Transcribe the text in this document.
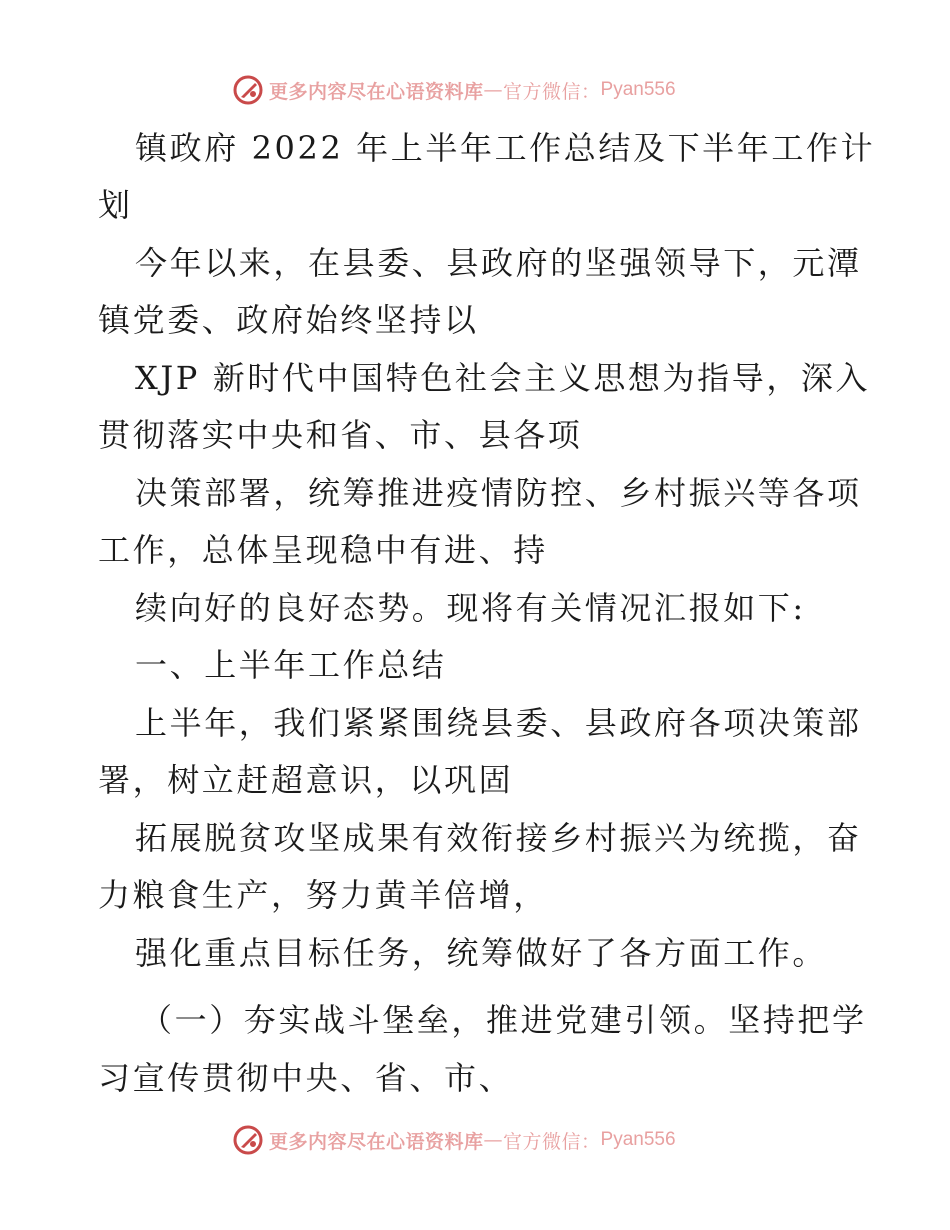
更多内容尽在心语资料库 — 官方微信： Pyan556
镇政府 2022 年上半年工作总结及下半年工作计
划
今年以来，在县委、县政府的坚强领导下，元潭
镇党委、政府始终坚持以
XJP 新时代中国特色社会主义思想为指导，深入
贯彻落实中央和省、市、县各项
决策部署，统筹推进疫情防控、乡村振兴等各项
工作，总体呈现稳中有进、持
续向好的良好态势。现将有关情况汇报如下:
一、上半年工作总结
上半年，我们紧紧围绕县委、县政府各项决策部
署，树立赶超意识，以巩固
拓展脱贫攻坚成果有效衔接乡村振兴为统揽，奋
力粮食生产，努力黄羊倍增，
强化重点目标任务，统筹做好了各方面工作。
（一）夯实战斗堡垒，推进党建引领。坚持把学
习宣传贯彻中央、省、市、
更多内容尽在心语资料库 — 官方微信： Pyan556
